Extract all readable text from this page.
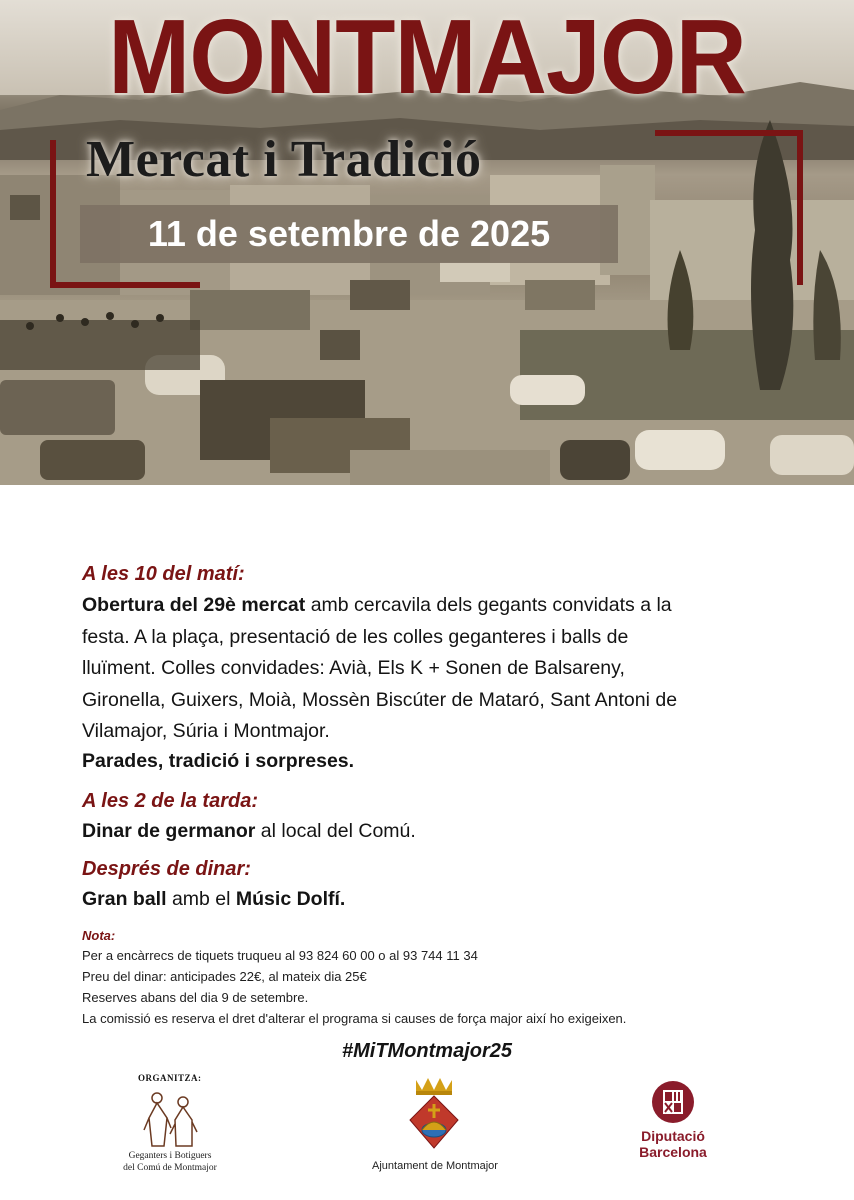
MONTMAJOR
Mercat i Tradició

11 de setembre de 2025

A les 10 del matí:

Obertura del 29è mercat amb cercavila dels gegants convidats a la
festa. A la plaça, presentació de les colles geganteres i balls de
lluïment. Colles convidades: Avià, Els K + Sonen de Balsareny,
Gironella, Guixers, Moià, Mossèn Biscúter de Mataró, Sant Antoni de
Vilamajor, Súria i Montmajor.

Parades, tradició i sorpreses.

A les 2 de la tarda:

Dinar de germanor al local del Comú.

Després de dinar:

Gran ball amb el Músic Dolfí.

Nota:

Per a encàrrecs de tiquets truqueu al 93 824 60 00 o al 93 744 11 34

Preu del dinar: anticipades 22€, al mateix dia 25€

Reserves abans del dia 9 de setembre.

La comissió es reserva el dret d'alterar el programa si causes de força major així ho exigeixen.

#MiTMontmajor25

ORGANITZA:

Geganters i Botiguers
del Comú de Montmajor	Ajuntament de Montmajor

Diputació
Barcelona
